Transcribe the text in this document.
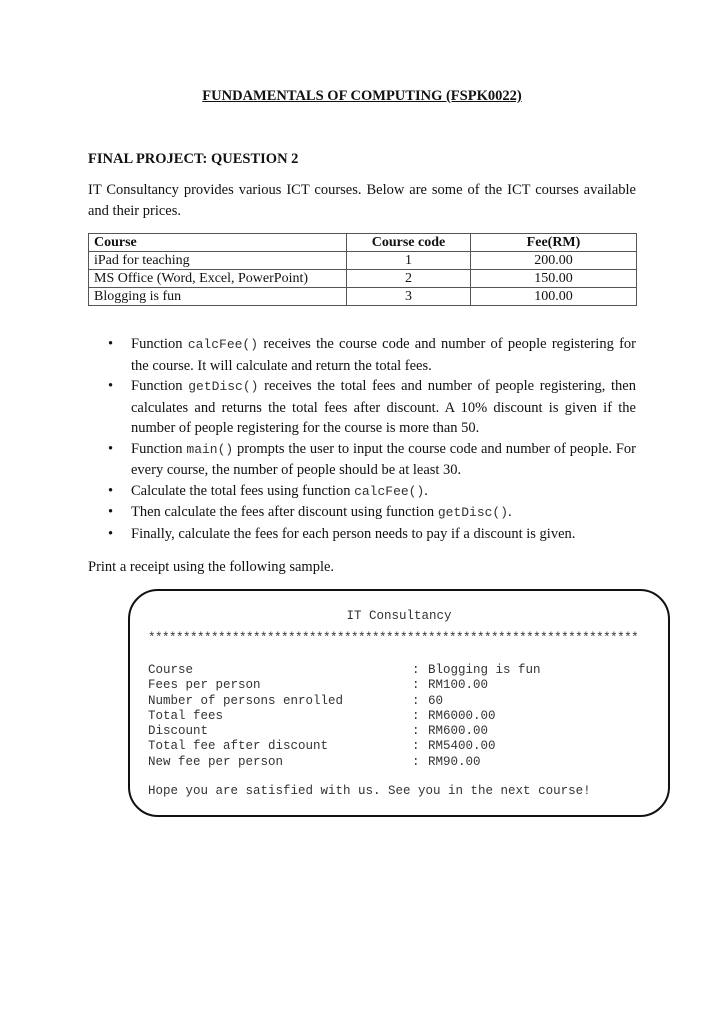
FUNDAMENTALS OF COMPUTING (FSPK0022)
FINAL PROJECT: QUESTION 2
IT Consultancy provides various ICT courses. Below are some of the ICT courses available and their prices.
Course	Course code	Fee(RM)
iPad for teaching	1	200.00
MS Office (Word, Excel, PowerPoint)	2	150.00
Blogging is fun	3	100.00
• Function calcFee() receives the course code and number of people registering for the course. It will calculate and return the total fees.
• Function getDisc() receives the total fees and number of people registering, then calculates and returns the total fees after discount. A 10% discount is given if the number of people registering for the course is more than 50.
• Function main() prompts the user to input the course code and number of people. For every course, the number of people should be at least 30.
• Calculate the total fees using function calcFee().
• Then calculate the fees after discount using function getDisc().
• Finally, calculate the fees for each person needs to pay if a discount is given.
Print a receipt using the following sample.
IT Consultancy
**********************************************************************
Course	: Blogging is fun
Fees per person	: RM100.00
Number of persons enrolled	: 60
Total fees	: RM6000.00
Discount	: RM600.00
Total fee after discount	: RM5400.00
New fee per person	: RM90.00
Hope you are satisfied with us. See you in the next course!
